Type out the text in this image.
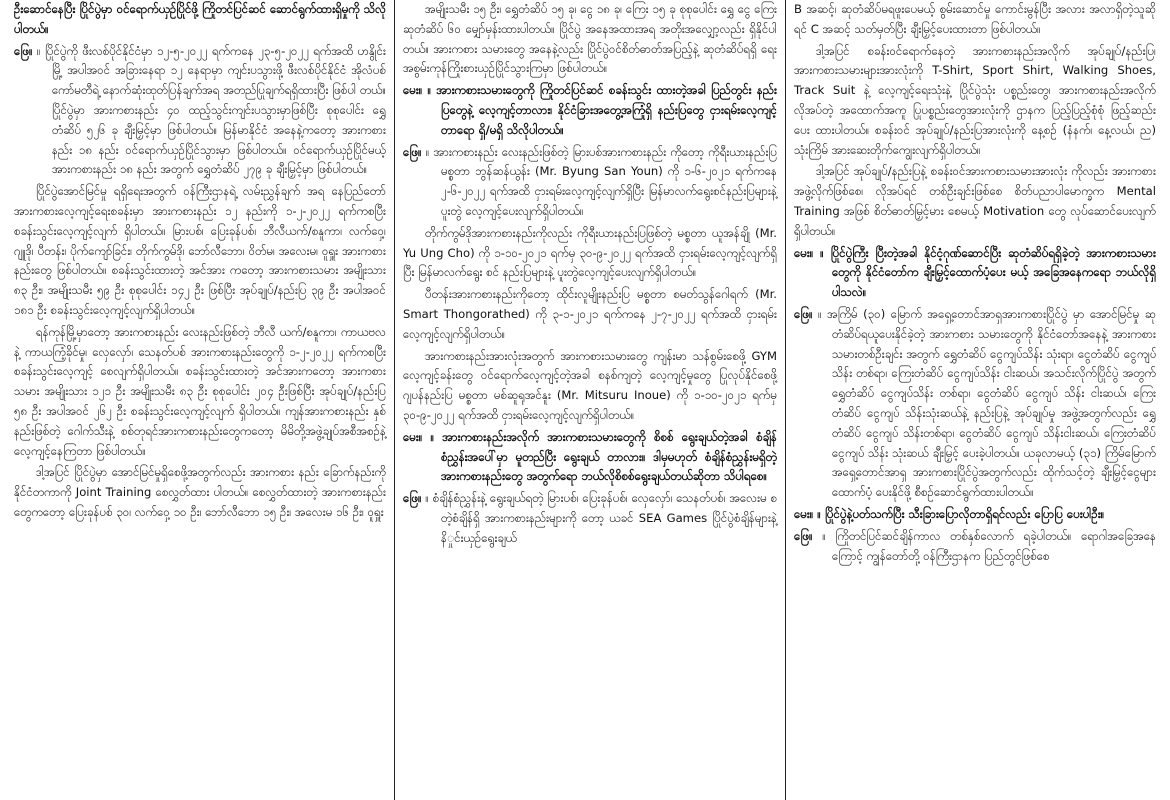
ဦးဆောင်နေပြီး ပြိုင်ပွဲမှာ ဝင်ရောက်ယှဉ်ပြိုင်ဖို့ ကြိုတင်ပြင်ဆင် ဆောင်ရွက်ထားရှိမှုကို သိလိုပါတယ်။

ဖြေ။ ။ ပြိုင်ပွဲကို ဖီးလစ်ပိုင်နိုင်ငံမှာ ၁၂-၅-၂၀၂၂ ရက်ကနေ ၂၃-၅-၂၀၂၂ ရက်အထိ ဟနွိုင်းမြို့ အပါအဝင် အခြားနေရာ ၁၂ နေရာမှာ ကျင်းပသွားဖို့ ဖီးလစ်ပိုင်နိုင်ငံ အိုလံပစ်ကော်မတီရဲ့ နောက်ဆုံးထုတ်ပြန်ချက်အရ အတည်ပြုချက်ရရှိထားပြီး ဖြစ်ပါ တယ်။ ပြိုင်ပွဲမှာ အားကစားနည်း ၄၀ ထည့်သွင်းကျင်းပသွားမှာဖြစ်ပြီး စုစုပေါင်း ရွှေတံဆိပ် ၅၂၆ ခု ချီးမြှင့်မှာ ဖြစ်ပါတယ်။ မြန်မာနိုင်ငံ အနေနဲ့ကတော့ အားကစားနည်း ၁၈ နည်း ဝင်ရောက်ယှဉ်ပြိုင်သွားမှာ ဖြစ်ပါတယ်။ ဝင်ရောက်ယှဉ်ပြိုင်မယ့် အားကစားနည်း ၁၈ နည်း အတွက် ရွှေတံဆိပ် ၂၇၉ ခု ချီးမြှင့်မှာ ဖြစ်ပါတယ်။

ပြိုင်ပွဲအောင်မြင်မှု ရရှိရေးအတွက် ဝန်ကြီးဌာနရဲ့ လမ်းညွှန်ချက် အရ နေပြည်တော် အားကစားလေ့ကျင့်ရေးစခန်းမှာ အားကစားနည်း ၁၂ နည်းကို ၁-၂-၂၀၂၂ ရက်ကစပြီး စခန်းသွင်းလေ့ကျင့်လျက် ရှိပါတယ်။ မြားပစ်၊ ပြေးခုန်ပစ်၊ ဘီလီယက်/စနူကာ၊ လက်ဝှေ့၊ ဂျူဒို၊ ပီတန်း၊ ပိုက်ကျော်ခြင်း၊ တိုက်ကွမ်ဒို၊ ဘော်လီဘော၊ ဝိတ်မ၊ အလေးမ၊ ဝူရှူး အားကစားနည်းတွေ ဖြစ်ပါတယ်။ စခန်းသွင်းထားတဲ့ အင်အား ကတော့ အားကစားသမား အမျိုးသား ၈၃ ဦး၊ အမျိုးသမီး ၅၉ ဦး စုစုပေါင်း ၁၄၂ ဦး ဖြစ်ပြီး အုပ်ချုပ်/နည်းပြ ၃၉ ဦး အပါအဝင် ၁၈၁ ဦး စခန်းသွင်းလေ့ကျင့်လျက်ရှိပါတယ်။

ရန်ကုန်မြို့မှာတော့ အားကစားနည်း လေးနည်းဖြစ်တဲ့ ဘီလီ ယက်/စနူကာ၊ ကာယဗလနဲ့ ကာယကြံ့ခိုင်မှု၊ လှေလှော်၊ သေနတ်ပစ် အားကစားနည်းတွေကို ၁-၂-၂၀၂၂ ရက်ကစပြီး စခန်းသွင်းလေ့ကျင့် စေလျက်ရှိပါတယ်။ စခန်းသွင်းထားတဲ့ အင်အားကတော့ အားကစား သမား အမျိုးသား ၁၂၁ ဦး အမျိုးသမီး ၈၃ ဦး စုစုပေါင်း ၂၀၄ ဦးဖြစ်ပြီး အုပ်ချုပ်/နည်းပြ ၅၈ ဦး အပါအဝင် ၂၆၂ ဦး စခန်းသွင်းလေ့ကျင့်လျက် ရှိပါတယ်။ ကျန်အားကစားနည်း နှစ်နည်းဖြစ်တဲ့ ဂေါက်သီးနဲ့ စစ်တုရင်အားကစားနည်းတွေကတော့ မိမိတို့အဖွဲ့ချုပ်အစီအစဉ်နဲ့ လေ့ကျင့်နေကြတာ ဖြစ်ပါတယ်။

ဒါ့အပြင် ပြိုင်ပွဲမှာ အောင်မြင်မှုရှိစေဖို့အတွက်လည်း အားကစား နည်း ခြောက်နည်းကို နိုင်ငံတကာကို Joint Training စေလွှတ်ထား ပါတယ်။ စေလွှတ်ထားတဲ့ အားကစားနည်းတွေကတော့ ပြေးခုန်ပစ် ၃၀၊ လက်ဝှေ့ ၁၀ ဦး၊ ဘော်လီဘော ၁၅ ဦး၊ အလေးမ ၁၆ ဦး၊ ဝူရှူး

အမျိုးသမီး ၁၅ ဦး၊ ရွှေတံဆိပ် ၁၅ ခု၊ ငွေ ၁၈ ခု၊ ကြေး ၁၅ ခု စုစုပေါင်း ရွှေ ငွေ ကြေး ဆုတံဆိပ် ၆၀ မျှော်မှန်းထားပါတယ်။ ပြိုင်ပွဲ အနေအထားအရ အတိုးအလျှော့လည်း ရှိနိုင်ပါတယ်။ အားကစား သမားတွေ အနေနဲ့လည်း ပြိုင်ပွဲဝင်စိတ်ဓာတ်အပြည့်နဲ့ ဆုတံဆိပ်ရရှိ ရေး အစွမ်းကုန်ကြိုးစားယှဉ်ပြိုင်သွားကြမှာ ဖြစ်ပါတယ်။

မေး။ ။ အားကစားသမားတွေကို ကြိုတင်ပြင်ဆင် စခန်းသွင်း ထားတဲ့အခါ ပြည်တွင်း နည်းပြတွေနဲ့ လေ့ကျင့်တာလား၊ နိုင်ငံခြားအတွေ့အကြုံရှိ နည်းပြတွေ ငှားရမ်းလေ့ကျင့်တာရော ရှိ/မရှိ သိလိုပါတယ်။

ဖြေ။ ။ အားကစားနည်း လေးနည်းဖြစ်တဲ့ မြားပစ်အားကစားနည်း ကိုတော့ ကိုရီးယားနည်းပြ မစ္စတာ ဘွန်ဆန်ယွန်း (Mr. Byung San Youn) ကို ၁-၆-၂၀၂၁ ရက်ကနေ ၂-၆-၂၀၂၂ ရက်အထိ ငှားရမ်းလေ့ကျင့်လျက်ရှိပြီး မြန်မာလက်ရွေးစင်နည်းပြများနဲ့ ပူးတွဲ လေ့ကျင့်ပေးလျက်ရှိပါတယ်။

တိုက်ကွမ်ဒိုအားကစားနည်းကိုလည်း ကိုရီးယားနည်းပြဖြစ်တဲ့ မစ္စတာ ယူအန်ချို (Mr. Yu Ung Cho) ကို ၁-၁၀-၂၀၂၁ ရက်မှ ၃၀-၉-၂၀၂၂ ရက်အထိ ငှားရမ်းလေ့ကျင့်လျက်ရှိပြီး မြန်မာလက်ရွေး စင် နည်းပြများနဲ့ ပူးတွဲလေ့ကျင့်ပေးလျက်ရှိပါတယ်။

ပီတန်းအားကစားနည်းကိုတော့ ထိုင်းလူမျိုးနည်းပြ မစ္စတာ စမတ်သွန်ဂေါရက် (Mr. Smart Thongorathed) ကို ၃-၁-၂၀၂၁ ရက်ကနေ ၂-၇-၂၀၂၂ ရက်အထိ ငှားရမ်းလေ့ကျင့်လျက်ရှိပါတယ်။

အားကစားနည်းအားလုံးအတွက် အားကစားသမားတွေ ကျန်းမာ သန်စွမ်းစေဖို့ GYM လေ့ကျင့်ခန်းတွေ ဝင်ရောက်လေ့ကျင့်တဲ့အခါ စနစ်ကျတဲ့ လေ့ကျင့်မှုတွေ ပြုလုပ်နိုင်စေဖို့ ဂျပန်နည်းပြ မစ္စတာ မစ်ဆူရုအင်နူး (Mr. Mitsuru Inoue) ကို ၁-၁၀-၂၀၂၁ ရက်မှ ၃၀-၉-၂၀၂၂ ရက်အထိ ငှားရမ်းလေ့ကျင့်လျက်ရှိပါတယ်။

မေး။ ။ အားကစားနည်းအလိုက် အားကစားသမားတွေကို စိစစ် ရွေးချယ်တဲ့အခါ စံချိန်စံညွှန်းအပေါ်မှာ မူတည်ပြီး ရွေးချယ် တာလား။ ဒါမှမဟုတ် စံချိန်စံညွှန်းမရှိတဲ့ အားကစားနည်းတွေ အတွက်ရော ဘယ်လိုစိစစ်ရွေးချယ်တယ်ဆိုတာ သိပါရစေ။

ဖြေ။ ။ စံချိန်စံညွှန်းနဲ့ ရွေးချယ်ရတဲ့ မြားပစ်၊ ပြေးခုန်ပစ်၊ လှေလှော်၊ သေနတ်ပစ်၊ အလေးမ စတဲ့စံချိန်ရှိ အားကစားနည်းများကို တော့ ယခင် SEA Games ပြိုင်ပွဲစံချိန်များနဲ့ နိှုင်းယှဉ်ရွေးချယ်

B အဆင့်၊ ဆုတံဆိပ်မရဖူးပေမယ့် စွမ်းဆောင်မှု ကောင်းမွန်ပြီး အလား အလာရှိတဲ့သူဆိုရင် C အဆင့် သတ်မှတ်ပြီး ချီးမြှင့်ပေးထားတာ ဖြစ်ပါတယ်။

ဒါ့အပြင် စခန်းဝင်ရောက်နေတဲ့ အားကစားနည်းအလိုက် အုပ်ချုပ်/နည်းပြ၊ အားကစားသမားများအားလုံးကို T-Shirt, Sport Shirt, Walking Shoes, Track Suit နဲ့ လေ့ကျင့်ရေးသုံးနဲ့ ပြိုင်ပွဲသုံး ပစ္စည်းတွေ၊ အားကစားနည်းအလိုက် လိုအပ်တဲ့ အထောက်အကူ ပြုပစ္စည်းတွေအားလုံးကို ဌာနက ပြည့်ပြည့်စုံစုံ ဖြည့်ဆည်းပေး ထားပါတယ်။ စခန်းဝင် အုပ်ချုပ်/နည်းပြအားလုံးကို နေ့စဉ် (နံနက်၊ နေ့လယ်၊ ည) သုံးကြိမ် အားဆေးတိုက်ကျွေးလျက်ရှိပါတယ်။

ဒါ့အပြင် အုပ်ချုပ်/နည်းပြနဲ့ စခန်းဝင်အားကစားသမားအားလုံး ကိုလည်း အားကစား အဖွဲ့လိုက်ဖြစ်စေ၊ လိုအပ်ရင် တစ်ဦးချင်းဖြစ်စေ စိတ်ပညာပါမောက္ခက Mental Training အဖြစ် စိတ်ဓာတ်မြှင့်မား စေမယ့် Motivation တွေ လုပ်ဆောင်ပေးလျက်ရှိပါတယ်။

မေး။ ။ ပြိုင်ပွဲကြီး ပြီးတဲ့အခါ နိုင်ငံ့ဂုဏ်ဆောင်ပြီး ဆုတံဆိပ်ရရှိခဲ့တဲ့ အားကစားသမားတွေကို နိုင်ငံတော်က ချီးမြှင့်ထောက်ပံ့ပေး မယ့် အခြေအနေကရော ဘယ်လိုရှိပါသလဲ။

ဖြေ။ ။ အကြိမ် (၃၀) မြောက် အရှေ့တောင်အာရှအားကစားပြိုင်ပွဲ မှာ အောင်မြင်မှု ဆုတံဆိပ်ရယူပေးနိုင်ခဲ့တဲ့ အားကစား သမားတွေကို နိုင်ငံတော်အနေနဲ့ အားကစားသမားတစ်ဦးချင်း အတွက် ရွှေတံဆိပ် ငွေကျပ်သိန်း သုံးရာ၊ ငွေတံဆိပ် ငွေကျပ် သိန်း တစ်ရာ၊ ကြေးတံဆိပ် ငွေကျပ်သိန်း ငါးဆယ်၊ အသင်းလိုက်ပြိုင်ပွဲ အတွက် ရွှေတံဆိပ် ငွေကျပ်သိန်း တစ်ရာ၊ ငွေတံဆိပ် ငွေကျပ် သိန်း ငါးဆယ်၊ ကြေးတံဆိပ် ငွေကျပ် သိန်းသုံးဆယ်နဲ့ နည်းပြနဲ့ အုပ်ချုပ်မှု အဖွဲ့အတွက်လည်း ရွှေတံဆိပ် ငွေကျပ် သိန်းတစ်ရာ၊ ငွေတံဆိပ် ငွေကျပ် သိန်းငါးဆယ်၊ ကြေးတံဆိပ် ငွေကျပ် သိန်း သုံးဆယ် ချီးမြှင့် ပေးခဲ့ပါတယ်။ ယခုလာမယ့် (၃၁) ကြိမ်မြောက် အရှေ့တောင်အာရှ အားကစားပြိုင်ပွဲအတွက်လည်း ထိုက်သင့်တဲ့ ချီးမြှင့်ငွေများ ထောက်ပံ့ ပေးနိုင်ဖို့ စီစဉ်ဆောင်ရွက်ထားပါတယ်။

မေး။ ။ ပြိုင်ပွဲနဲ့ပတ်သက်ပြီး သီးခြားပြောလိုတာရှိရင်လည်း ပြောပြ ပေးပါဦး။

ဖြေ။ ။ ကြိုတင်ပြင်ဆင်ချိန်ကာလ တစ်နှစ်လောက် ရခဲ့ပါတယ်။ ရောဂါအခြေအနေကြောင့် ကျွန်တော်တို့ ဝန်ကြီးဌာနက ပြည်တွင်ဖြစ်စေ
